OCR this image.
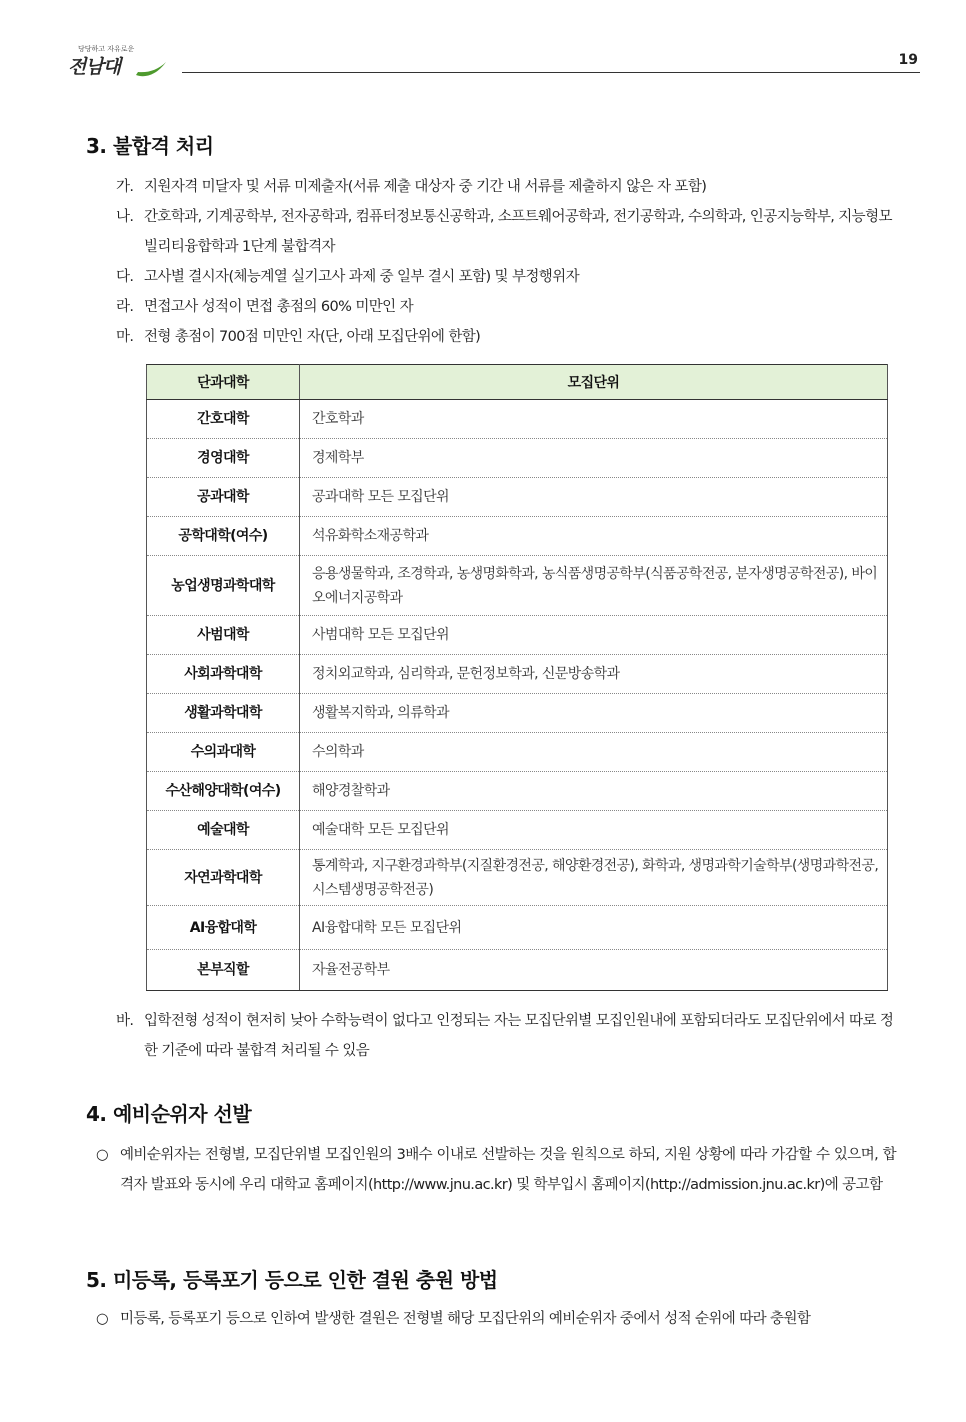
당당하고 자유로운
전남대	19
3. 불합격 처리
가. 지원자격 미달자 및 서류 미제출자(서류 제출 대상자 중 기간 내 서류를 제출하지 않은 자 포함)
나. 간호학과, 기계공학부, 전자공학과, 컴퓨터정보통신공학과, 소프트웨어공학과, 전기공학과, 수의학과, 인공지능학부, 지능형모빌리티융합학과 1단계 불합격자
다. 고사별 결시자(체능계열 실기고사 과제 중 일부 결시 포함) 및 부정행위자
라. 면접고사 성적이 면접 총점의 60% 미만인 자
마. 전형 총점이 700점 미만인 자(단, 아래 모집단위에 한함)
단과대학	모집단위
간호대학	간호학과
경영대학	경제학부
공과대학	공과대학 모든 모집단위
공학대학(여수)	석유화학소재공학과
농업생명과학대학	응용생물학과, 조경학과, 농생명화학과, 농식품생명공학부(식품공학전공, 분자생명공학전공), 바이오에너지공학과
사범대학	사범대학 모든 모집단위
사회과학대학	정치외교학과, 심리학과, 문헌정보학과, 신문방송학과
생활과학대학	생활복지학과, 의류학과
수의과대학	수의학과
수산해양대학(여수)	해양경찰학과
예술대학	예술대학 모든 모집단위
자연과학대학	통계학과, 지구환경과학부(지질환경전공, 해양환경전공), 화학과, 생명과학기술학부(생명과학전공, 시스템생명공학전공)
AI융합대학	AI융합대학 모든 모집단위
본부직할	자율전공학부
바. 입학전형 성적이 현저히 낮아 수학능력이 없다고 인정되는 자는 모집단위별 모집인원내에 포함되더라도 모집단위에서 따로 정한 기준에 따라 불합격 처리될 수 있음
4. 예비순위자 선발
○ 예비순위자는 전형별, 모집단위별 모집인원의 3배수 이내로 선발하는 것을 원칙으로 하되, 지원 상황에 따라 가감할 수 있으며, 합격자 발표와 동시에 우리 대학교 홈페이지(http://www.jnu.ac.kr) 및 학부입시 홈페이지(http://admission.jnu.ac.kr)에 공고함
5. 미등록, 등록포기 등으로 인한 결원 충원 방법
○ 미등록, 등록포기 등으로 인하여 발생한 결원은 전형별 해당 모집단위의 예비순위자 중에서 성적 순위에 따라 충원함
